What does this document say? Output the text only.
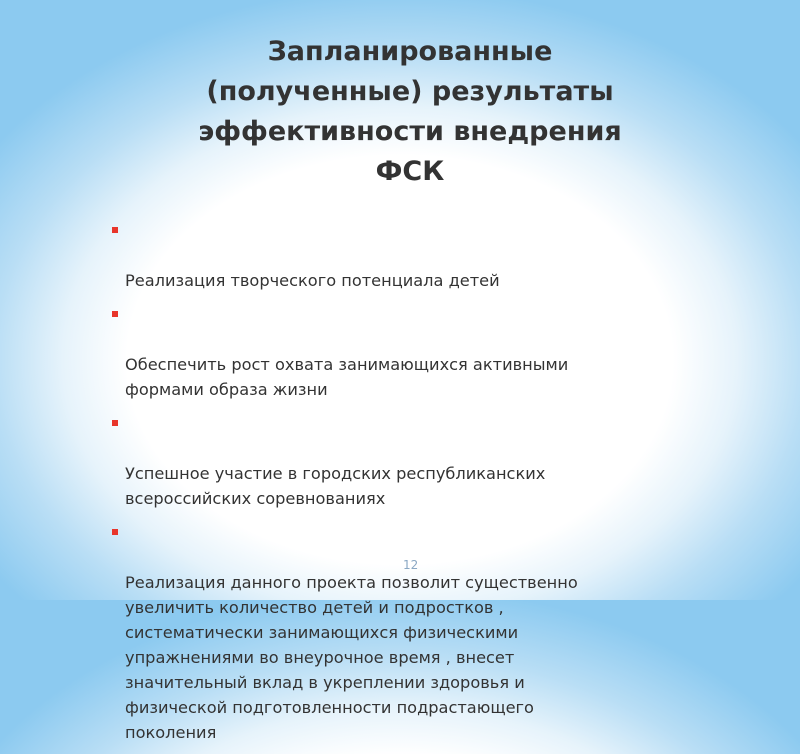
Запланированные
(полученные) результаты
эффективности внедрения
ФСК

Реализация творческого потенциала детей

Обеспечить рост охвата занимающихся активными
формами образа жизни

Успешное участие в городских республиканских
всероссийских соревнованиях

Реализация данного проекта позволит существенно
увеличить количество детей и подростков ,
систематически занимающихся физическими
упражнениями во внеурочное время , внесет
значительный вклад в укреплении здоровья и
физической подготовленности подрастающего
поколения

12
